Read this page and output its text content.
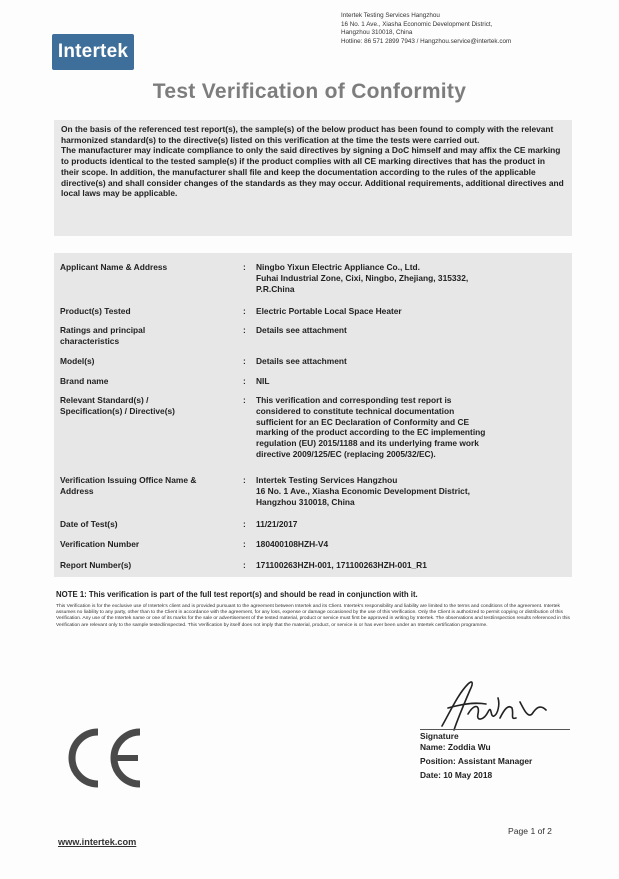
Intertek
Intertek Testing Services Hangzhou
16 No. 1 Ave., Xiasha Economic Development District,
Hangzhou 310018, China
Hotline: 86 571 2899 7943 / Hangzhou.service@intertek.com
Test Verification of Conformity

On the basis of the referenced test report(s), the sample(s) of the below product has been found to comply with the relevant harmonized standard(s) to the directive(s) listed on this verification at the time the tests were carried out.

The manufacturer may indicate compliance to only the said directives by signing a DoC himself and may affix the CE marking to products identical to the tested sample(s) if the product complies with all CE marking directives that has the product in their scope. In addition, the manufacturer shall file and keep the documentation according to the rules of the applicable directive(s) and shall consider changes of the standards as they may occur. Additional requirements, additional directives and local laws may be applicable.

Applicant Name & Address	: Ningbo Yixun Electric Appliance Co., Ltd.
Fuhai Industrial Zone, Cixi, Ningbo, Zhejiang, 315332,
P.R.China
Product(s) Tested	: Electric Portable Local Space Heater
Ratings and principal
characteristics
: Details see attachment
Model(s)	: Details see attachment
Brand name	: NIL
Relevant Standard(s) /
Specification(s) / Directive(s)
: This verification and corresponding test report is
considered to constitute technical documentation
sufficient for an EC Declaration of Conformity and CE
marking of the product according to the EC implementing
regulation (EU) 2015/1188 and its underlying frame work
directive 2009/125/EC (replacing 2005/32/EC).
Verification Issuing Office Name &
Address
: Intertek Testing Services Hangzhou
16 No. 1 Ave., Xiasha Economic Development District,
Hangzhou 310018, China
Date of Test(s)	: 11/21/2017
Verification Number	: 180400108HZH-V4
Report Number(s)	: 171100263HZH-001, 171100263HZH-001_R1
NOTE 1: This verification is part of the full test report(s) and should be read in conjunction with it.
This Verification is for the exclusive use of Intertek's client and is provided pursuant to the agreement between Intertek and its Client. Intertek's responsibility and liability are limited to the terms and conditions of the agreement. Intertek assumes no liability to any party, other than to the Client in accordance with the agreement, for any loss, expense or damage occasioned by the use of this Verification. Only the Client is authorized to permit copying or distribution of this Verification. Any use of the Intertek name or one of its marks for the sale or advertisement of the tested material, product or service must first be approved in writing by Intertek. The observations and test/inspection results referenced in this Verification are relevant only to the sample tested/inspected. This Verification by itself does not imply that the material, product, or service is or has ever been under an Intertek certification programme.
Signature
Name: Zoddia Wu
Position: Assistant Manager
Date: 10 May 2018
Page 1 of 2
www.intertek.com
